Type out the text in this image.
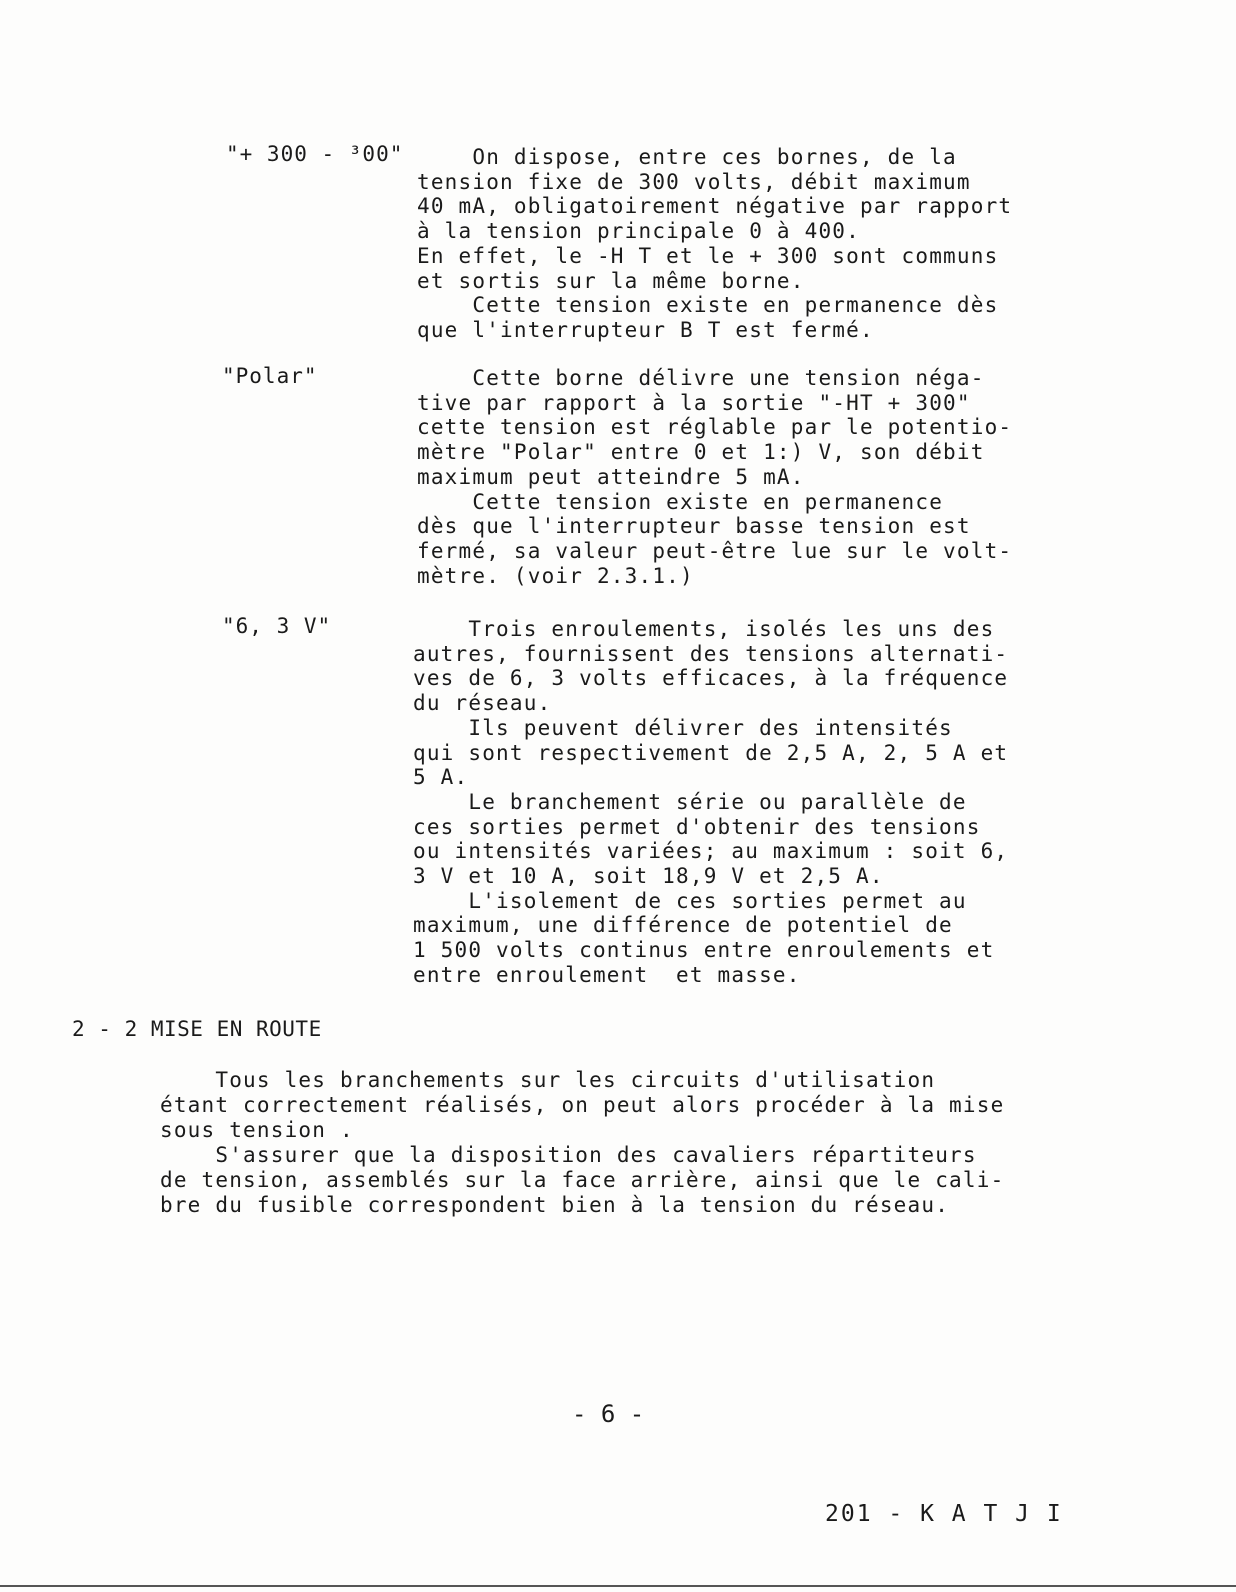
"+ 300 - ³00" On dispose, entre ces bornes, de la
tension fixe de 300 volts, débit maximum
40 mA, obligatoirement négative par rapport
à la tension principale 0 à 400.
En effet, le -H T et le + 300 sont communs
et sortis sur la même borne.
Cette tension existe en permanence dès
que l'interrupteur B T est fermé.
"Polar"	Cette borne délivre une tension néga-
tive par rapport à la sortie "-HT + 300"
cette tension est réglable par le potentio-
mètre "Polar" entre 0 et 1:) V, son débit
maximum peut atteindre 5 mA.
Cette tension existe en permanence
dès que l'interrupteur basse tension est
fermé, sa valeur peut-être lue sur le volt-
mètre. (voir 2.3.1.)
"6, 3 V"	Trois enroulements, isolés les uns des
autres, fournissent des tensions alternati-
ves de 6, 3 volts efficaces, à la fréquence
du réseau.
Ils peuvent délivrer des intensités
qui sont respectivement de 2,5 A, 2, 5 A et
5 A.
Le branchement série ou parallèle de
ces sorties permet d'obtenir des tensions
ou intensités variées; au maximum : soit 6,
3 V et 10 A, soit 18,9 V et 2,5 A.
L'isolement de ces sorties permet au
maximum, une différence de potentiel de
1 500 volts continus entre enroulements et
entre enroulement  et masse.
2 - 2 MISE EN ROUTE
Tous les branchements sur les circuits d'utilisation
étant correctement réalisés, on peut alors procéder à la mise
sous tension .
S'assurer que la disposition des cavaliers répartiteurs
de tension, assemblés sur la face arrière, ainsi que le cali-
bre du fusible correspondent bien à la tension du réseau.
- 6 -
201 - K A T J I
